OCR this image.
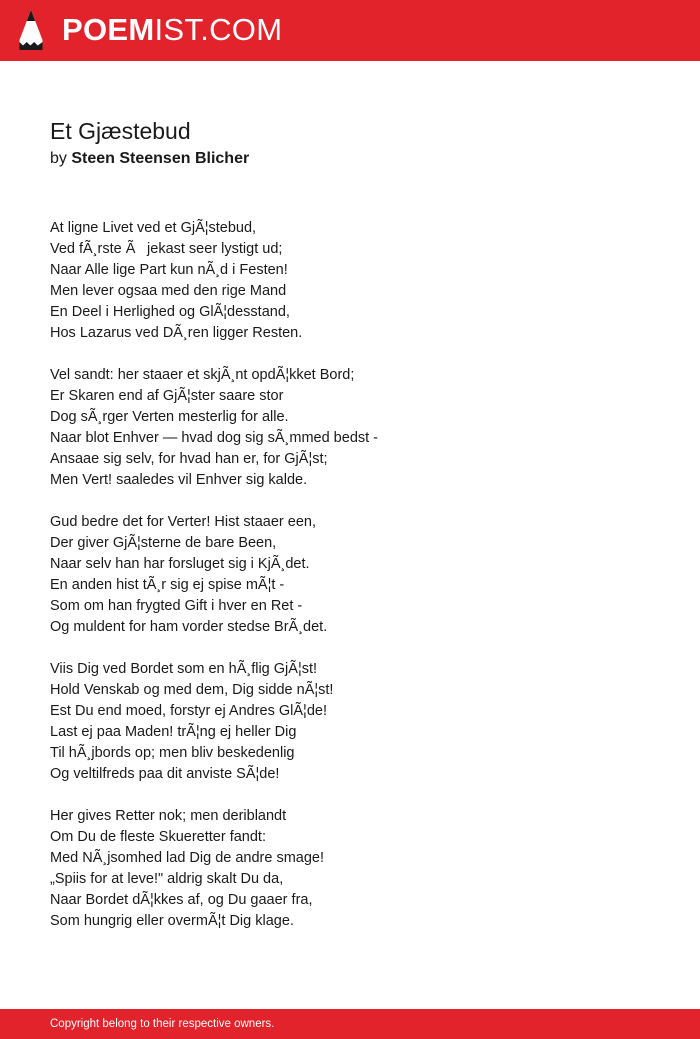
POEMIST.COM
Et Gjæstebud
by Steen Steensen Blicher
At ligne Livet ved et GjÃ¦stebud,
Ved fÃ¸rste Ãjekast seer lystigt ud;
Naar Alle lige Part kun nÃ¸d i Festen!
Men lever ogsaa med den rige Mand
En Deel i Herlighed og GlÃ¦desstand,
Hos Lazarus ved DÃ¸ren ligger Resten.
Vel sandt: her staaer et skjÃ¸nt opdÃ¦kket Bord;
Er Skaren end af GjÃ¦ster saare stor
Dog sÃ¸rger Verten mesterlig for alle.
Naar blot Enhver — hvad dog sig sÃ¸mmed bedst -
Ansaae sig selv, for hvad han er, for GjÃ¦st;
Men Vert! saaledes vil Enhver sig kalde.
Gud bedre det for Verter! Hist staaer een,
Der giver GjÃ¦sterne de bare Been,
Naar selv han har forsluget sig i KjÃ¸det.
En anden hist tÃ¸r sig ej spise mÃ¦t -
Som om han frygted Gift i hver en Ret -
Og muldent for ham vorder stedse BrÃ¸det.
Viis Dig ved Bordet som en hÃ¸flig GjÃ¦st!
Hold Venskab og med dem, Dig sidde nÃ¦st!
Est Du end moed, forstyr ej Andres GlÃ¦de!
Last ej paa Maden! trÃ¦ng ej heller Dig
Til hÃ¸jbords op; men bliv beskedenlig
Og veltilfreds paa dit anviste SÃ¦de!
Her gives Retter nok; men deriblandt
Om Du de fleste Skueretter fandt:
Med NÃ¸jsomhed lad Dig de andre smage!
„Spiis for at leve!" aldrig skalt Du da,
Naar Bordet dÃ¦kkes af, og Du gaaer fra,
Som hungrig eller overmÃ¦t Dig klage.
Copyright belong to their respective owners.
